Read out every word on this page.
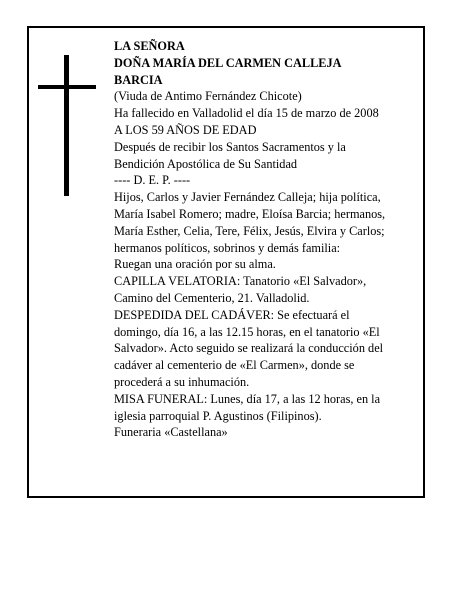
LA SEÑORA
DOÑA MARÍA DEL CARMEN CALLEJA
BARCIA
(Viuda de Antimo Fernández Chicote)
Ha fallecido en Valladolid el día 15 de marzo de 2008
A LOS 59 AÑOS DE EDAD
Después de recibir los Santos Sacramentos y la
Bendición Apostólica de Su Santidad
---- D. E. P. ----
Hijos, Carlos y Javier Fernández Calleja; hija política,
María Isabel Romero; madre, Eloísa Barcia; hermanos,
María Esther, Celia, Tere, Félix, Jesús, Elvira y Carlos;
hermanos políticos, sobrinos y demás familia:
Ruegan una oración por su alma.
CAPILLA VELATORIA: Tanatorio «El Salvador»,
Camino del Cementerio, 21. Valladolid.
DESPEDIDA DEL CADÁVER: Se efectuará el
domingo, día 16, a las 12.15 horas, en el tanatorio «El
Salvador». Acto seguido se realizará la conducción del
cadáver al cementerio de «El Carmen», donde se
procederá a su inhumación.
MISA FUNERAL: Lunes, día 17, a las 12 horas, en la
iglesia parroquial P. Agustinos (Filipinos).
Funeraria «Castellana»
